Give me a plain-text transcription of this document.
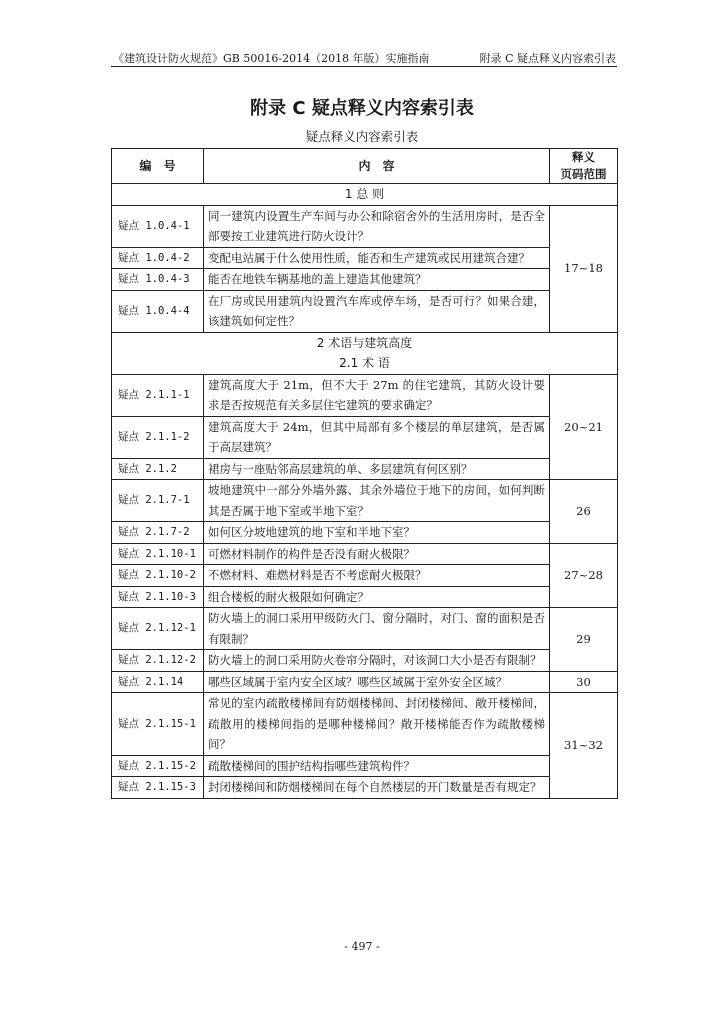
《建筑设计防火规范》GB 50016-2014（2018 年版）实施指南	附录 C 疑点释义内容索引表
附录 C 疑点释义内容索引表
疑点释义内容索引表
编　号	内　容	释义
页码范围

1 总 则		
疑点 1.0.4-1	同一建筑内设置生产车间与办公和除宿舍外的生活用房时，是否全部要按工业建筑进行防火设计？	17~18
疑点 1.0.4-2	变配电站属于什么使用性质，能否和生产建筑或民用建筑合建？	
疑点 1.0.4-3	能否在地铁车辆基地的盖上建造其他建筑？	
疑点 1.0.4-4	在厂房或民用建筑内设置汽车库或停车场，是否可行？如果合建，该建筑如何定性？	

2 术语与建筑高度
2.1 术 语		

疑点 2.1.1-1	建筑高度大于 21m，但不大于 27m 的住宅建筑，其防火设计要求是否按规范有关多层住宅建筑的要求确定？	20~21
疑点 2.1.1-2	建筑高度大于 24m，但其中局部有多个楼层的单层建筑，是否属于高层建筑？	
疑点 2.1.2	裙房与一座贴邻高层建筑的单、多层建筑有何区别？	
疑点 2.1.7-1	坡地建筑中一部分外墙外露、其余外墙位于地下的房间，如何判断其是否属于地下室或半地下室？	26
疑点 2.1.7-2	如何区分坡地建筑的地下室和半地下室？	
疑点 2.1.10-1	可燃材料制作的构件是否没有耐火极限？	27~28
疑点 2.1.10-2	不燃材料、难燃材料是否不考虑耐火极限？	
疑点 2.1.10-3	组合楼板的耐火极限如何确定？	
疑点 2.1.12-1	防火墙上的洞口采用甲级防火门、窗分隔时，对门、窗的面积是否有限制？	29
疑点 2.1.12-2	防火墙上的洞口采用防火卷帘分隔时，对该洞口大小是否有限制？	
疑点 2.1.14	哪些区域属于室内安全区域？哪些区域属于室外安全区域？	30
疑点 2.1.15-1	常见的室内疏散楼梯间有防烟楼梯间、封闭楼梯间、敞开楼梯间，疏散用的楼梯间指的是哪种楼梯间？敞开楼梯能否作为疏散楼梯间？	31~32
疑点 2.1.15-2	疏散楼梯间的围护结构指哪些建筑构件？	
疑点 2.1.15-3	封闭楼梯间和防烟楼梯间在每个自然楼层的开门数量是否有规定？	
- 497 -
